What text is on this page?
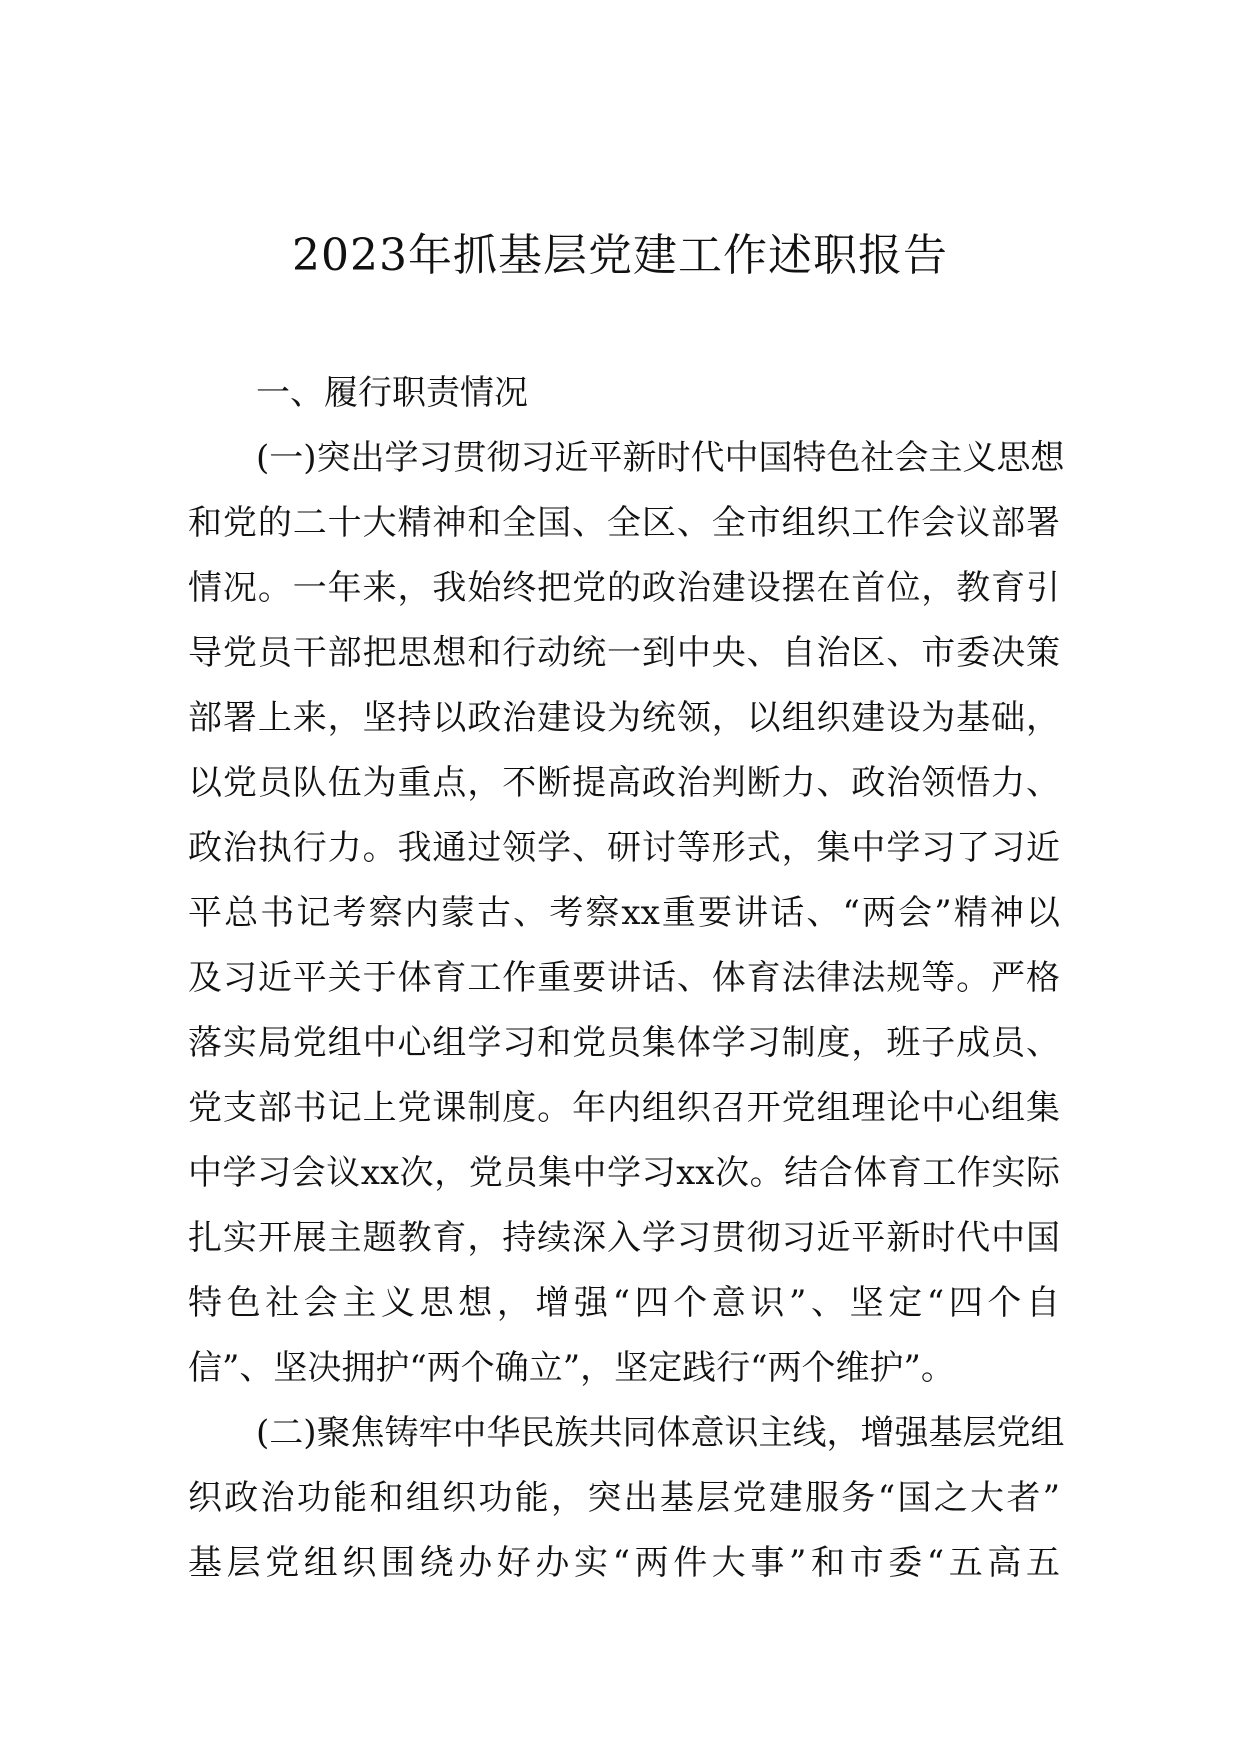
2023年抓基层党建工作述职报告
一、履行职责情况
(一)突出学习贯彻习近平新时代中国特色社会主义思想
和党的二十大精神和全国、全区、全市组织工作会议部署
情况。一年来，我始终把党的政治建设摆在首位，教育引
导党员干部把思想和行动统一到中央、自治区、市委决策
部署上来，坚持以政治建设为统领，以组织建设为基础，
以党员队伍为重点，不断提高政治判断力、政治领悟力、
政治执行力。我通过领学、研讨等形式，集中学习了习近
平总书记考察内蒙古、考察xx重要讲话、“两会”精神以
及习近平关于体育工作重要讲话、体育法律法规等。严格
落实局党组中心组学习和党员集体学习制度，班子成员、
党支部书记上党课制度。年内组织召开党组理论中心组集
中学习会议xx次，党员集中学习xx次。结合体育工作实际
扎实开展主题教育，持续深入学习贯彻习近平新时代中国
特色社会主义思想，增强“四个意识”、坚定“四个自
信”、坚决拥护“两个确立”，坚定践行“两个维护”。
(二)聚焦铸牢中华民族共同体意识主线，增强基层党组
织政治功能和组织功能，突出基层党建服务“国之大者”
基层党组织围绕办好办实“两件大事”和市委“五高五
